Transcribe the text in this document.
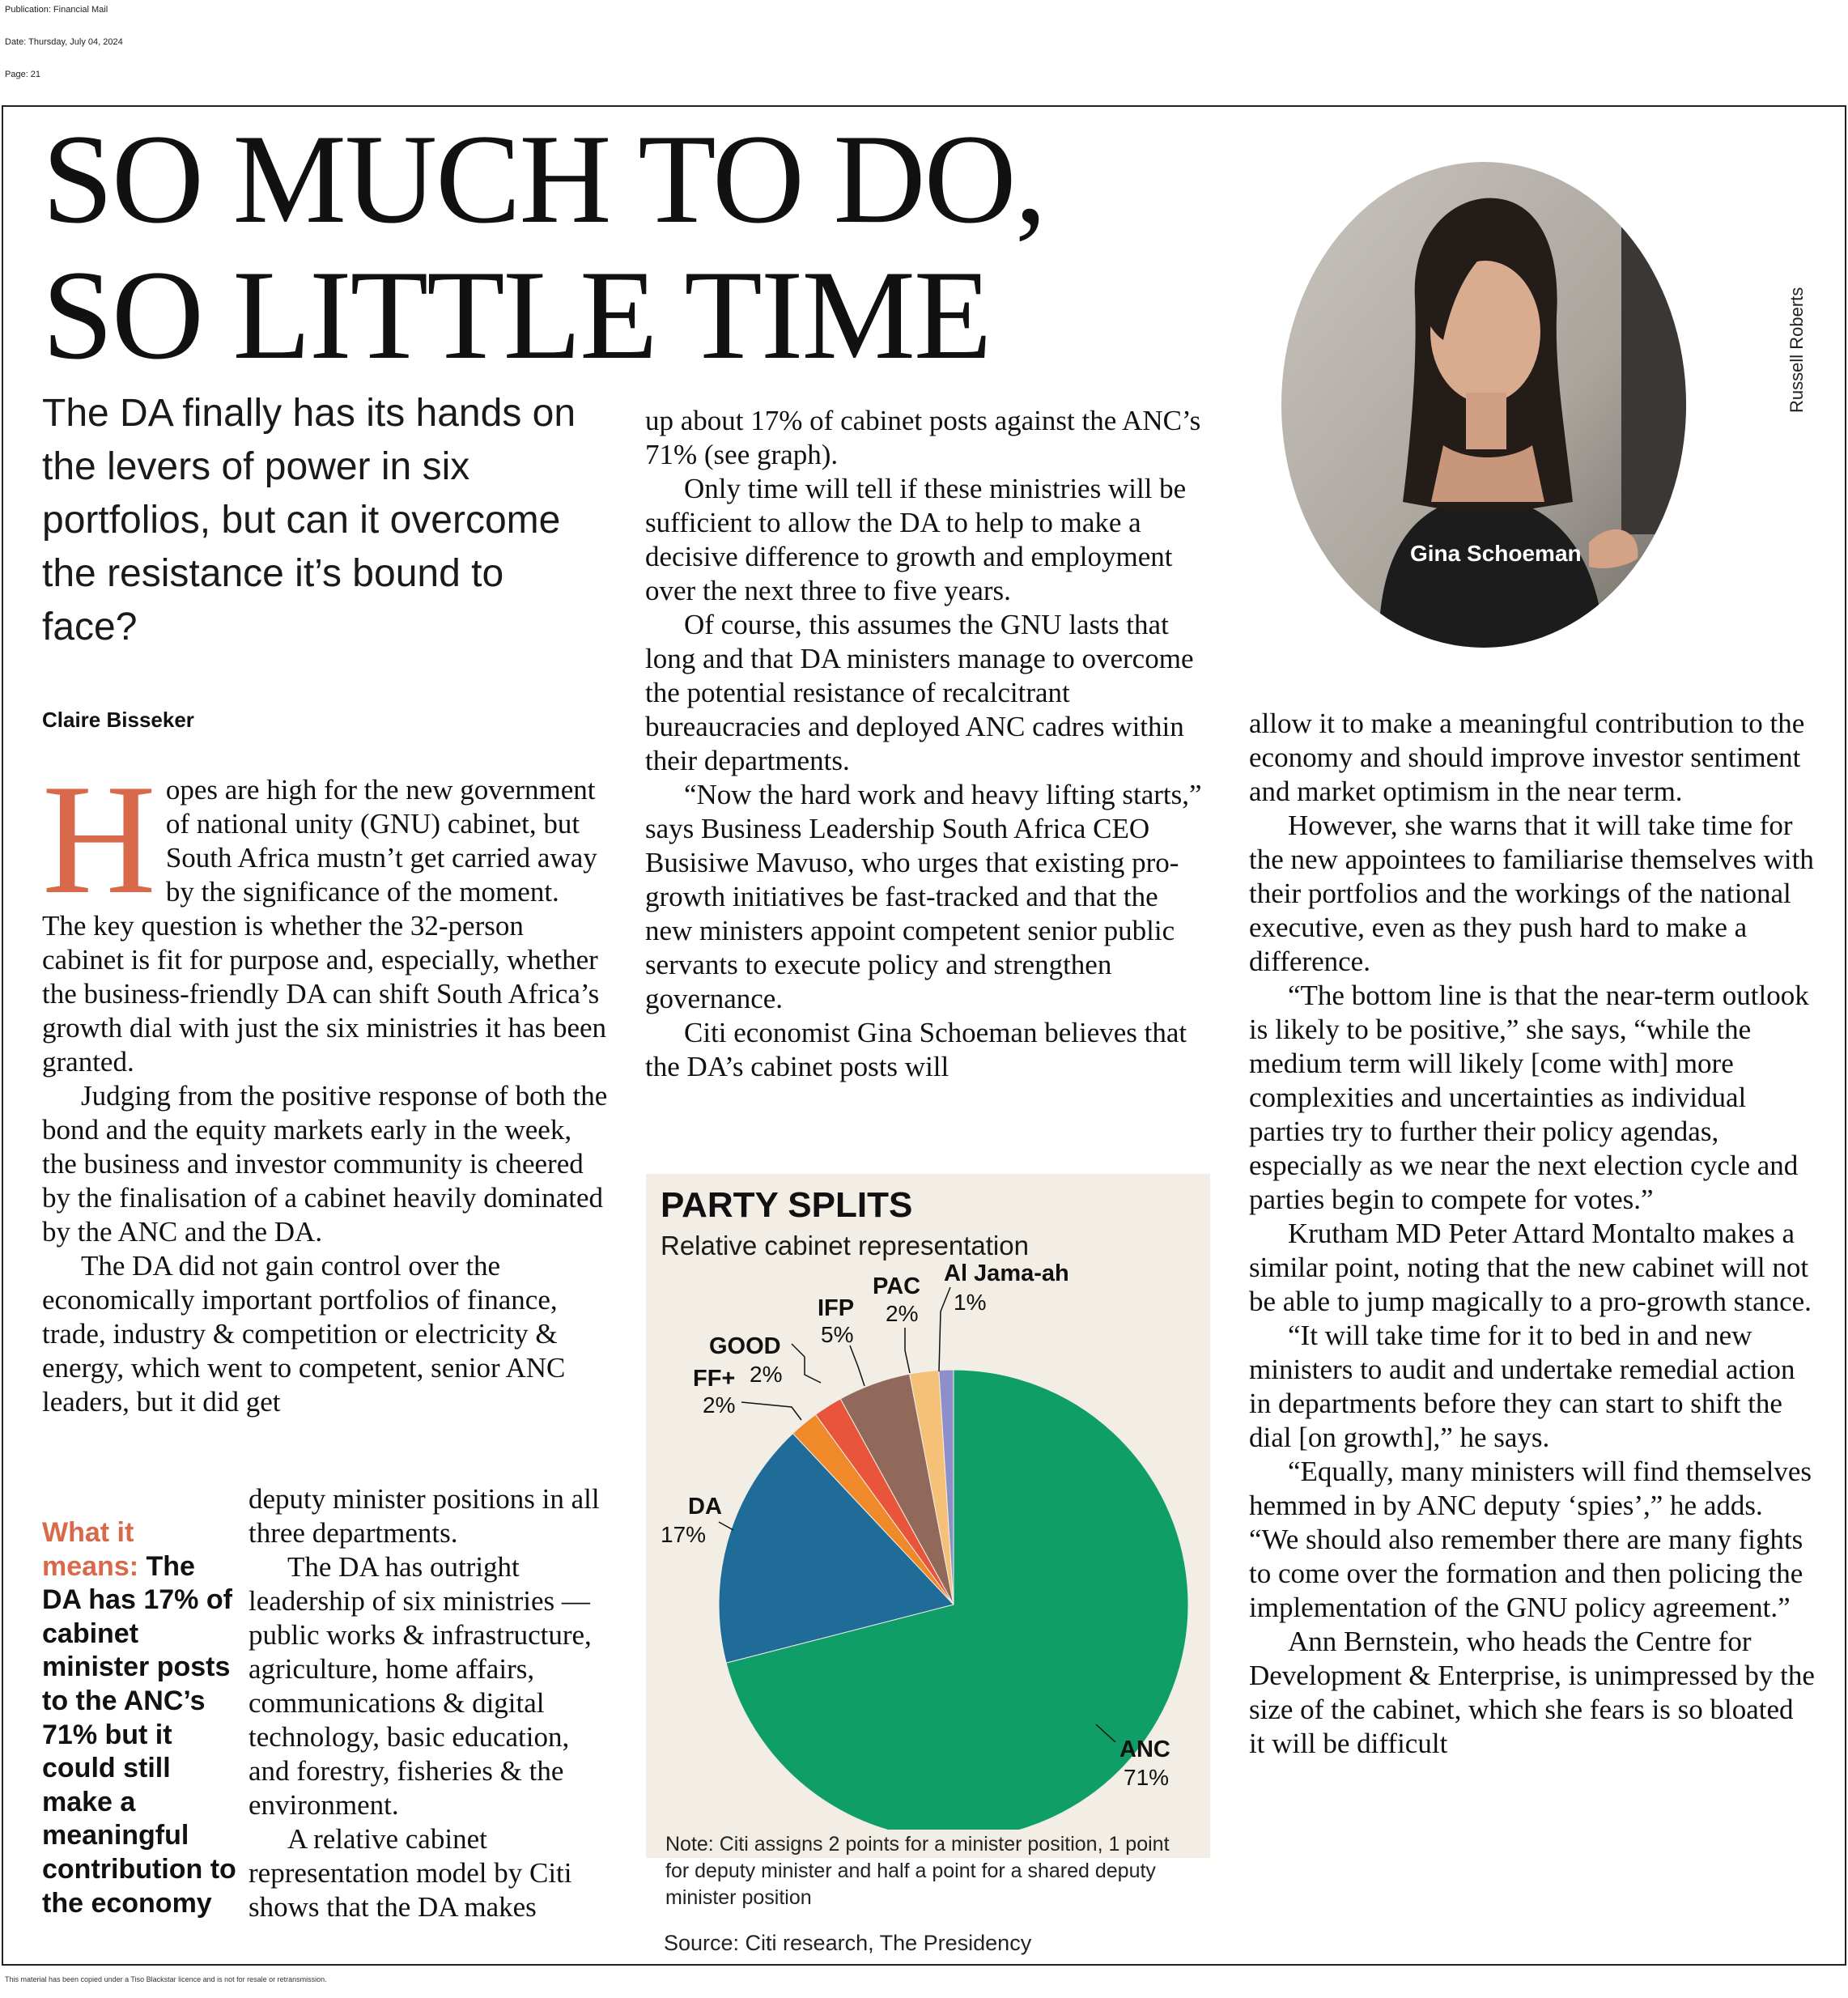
Publication: Financial Mail
Date: Thursday, July 04, 2024
Page: 21
SO MUCH TO DO,
SO LITTLE TIME
The DA finally has its hands on the levers of power in six portfolios, but can it overcome the resistance it’s bound to face?
Claire Bisseker

Hopes are high for the new government of national unity (GNU) cabinet, but South Africa mustn’t get carried away by the significance of the moment. The key question is whether the 32-person cabinet is fit for purpose and, especially, whether the business-friendly DA can shift South Africa’s growth dial with just the six ministries it has been granted.

Judging from the positive response of both the bond and the equity markets early in the week, the business and investor community is cheered by the finalisation of a cabinet heavily dominated by the ANC and the DA.

The DA did not gain control over the economically important portfolios of finance, trade, industry & competition or electricity & energy, which went to competent, senior ANC leaders, but it did get

deputy minister positions in all three departments.

The DA has outright leadership of six ministries — public works & infrastructure, agriculture, home affairs, communications & digital technology, basic education, and forestry, fisheries & the environment.

A relative cabinet representation model by Citi shows that the DA makes

What it means: The DA has 17% of cabinet minister posts to the ANC’s 71% but it could still make a meaningful contribution to the economy

up about 17% of cabinet posts against the ANC’s 71% (see graph).

Only time will tell if these ministries will be sufficient to allow the DA to help to make a decisive difference to growth and employment over the next three to five years.

Of course, this assumes the GNU lasts that long and that DA ministers manage to overcome the potential resistance of recalcitrant bureaucracies and deployed ANC cadres within their departments.

“Now the hard work and heavy lifting starts,” says Business Leadership South Africa CEO Busisiwe Mavuso, who urges that existing pro-growth initiatives be fast-tracked and that the new ministers appoint competent senior public servants to execute policy and strengthen governance.

Citi economist Gina Schoeman believes that the DA’s cabinet posts will

allow it to make a meaningful contribution to the economy and should improve investor sentiment and market optimism in the near term.

However, she warns that it will take time for the new appointees to familiarise themselves with their portfolios and the workings of the national executive, even as they push hard to make a difference.

“The bottom line is that the near-term outlook is likely to be positive,” she says, “while the medium term will likely [come with] more complexities and uncertainties as individual parties try to further their policy agendas, especially as we near the next election cycle and parties begin to compete for votes.”

Krutham MD Peter Attard Montalto makes a similar point, noting that the new cabinet will not be able to jump magically to a pro-growth stance.

“It will take time for it to bed in and new ministers to audit and undertake remedial action in departments before they can start to shift the dial [on growth],” he says.

“Equally, many ministers will find themselves hemmed in by ANC deputy ‘spies’,” he adds. “We should also remember there are many fights to come over the formation and then policing the implementation of the GNU policy agreement.”

Ann Bernstein, who heads the Centre for Development & Enterprise, is unimpressed by the size of the cabinet, which she fears is so bloated it will be difficult

Gina Schoeman
Russell Roberts
PARTY SPLITS
Relative cabinet representation
ANC
71%
DA
17%
FF+
2%
GOOD
2%
IFP
5%
PAC
2%
Al Jama-ah
1%
Note: Citi assigns 2 points for a minister position, 1 point for deputy minister and half a point for a shared deputy minister position
Source: Citi research, The Presidency
This material has been copied under a Tiso Blackstar licence and is not for resale or retransmission.
